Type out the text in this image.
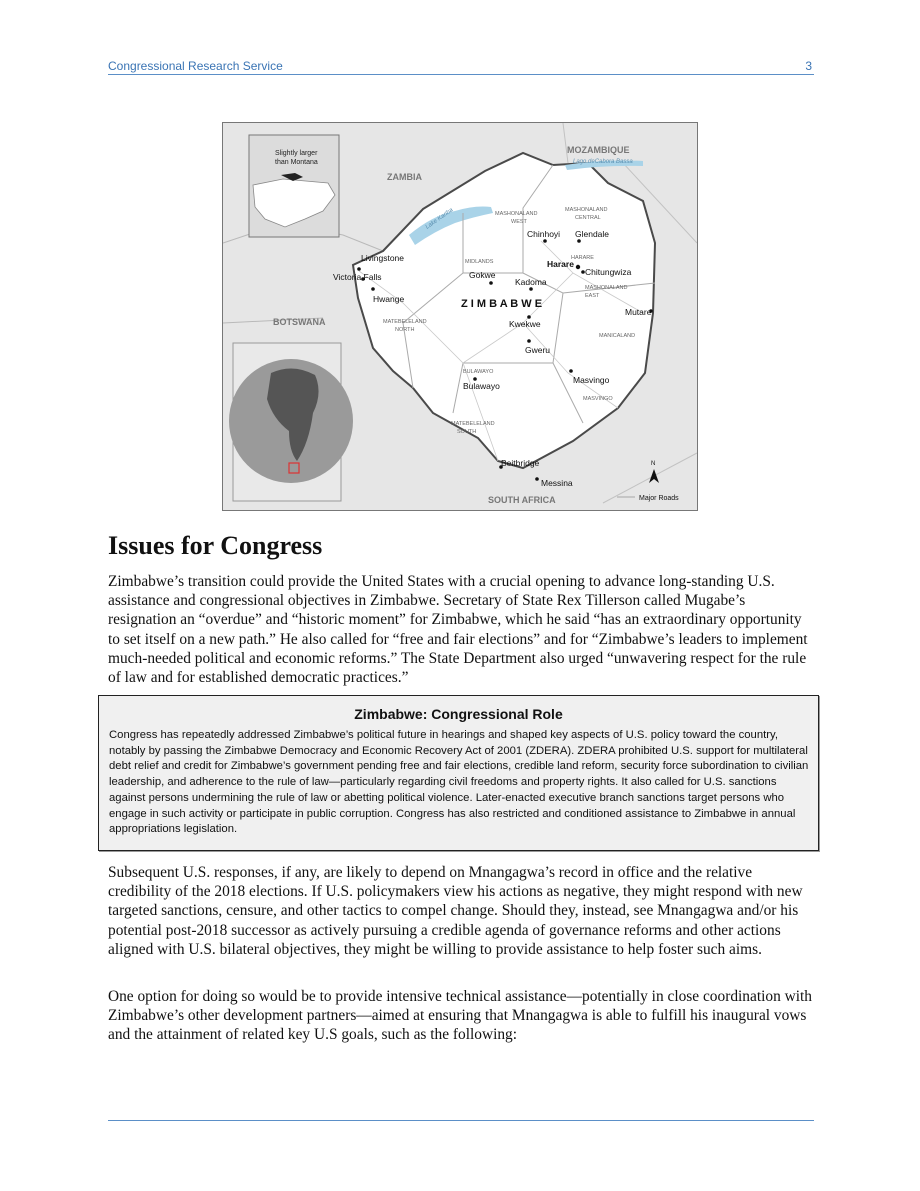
Congressional Research Service	3
Slightly larger
than Montana
ZAMBIA
MOZAMBIQUE
BOTSWANA
SOUTH AFRICA
Z I M B A B W E
Lake Kariba
Lago deCabora Bassa
MASHONALAND
WEST
MASHONALAND
CENTRAL
HARARE
MASHONALAND
EAST
MIDLANDS
MATEBELELAND
NORTH
MANICALAND
BULAWAYO
MASVINGO
MATEBELELAND
SOUTH
Chinhoyi Glendale
Harare
Chitungwiza
Livingstone
Victoria Falls
Hwange
Gokwe
Kadoma
Kwekwe
Gweru
Mutare
Masvingo
Bulawayo
Beitbridge
Messina
N
Major Roads
Issues for Congress

Zimbabwe’s transition could provide the United States with a crucial opening to advance long-standing U.S. assistance and congressional objectives in Zimbabwe. Secretary of State Rex Tillerson called Mugabe’s resignation an “overdue” and “historic moment” for Zimbabwe, which he said “has an extraordinary opportunity to set itself on a new path.” He also called for “free and fair elections” and for “Zimbabwe’s leaders to implement much-needed political and economic reforms.” The State Department also urged “unwavering respect for the rule of law and for established democratic practices.”

Zimbabwe: Congressional Role

Congress has repeatedly addressed Zimbabwe’s political future in hearings and shaped key aspects of U.S. policy toward the country, notably by passing the Zimbabwe Democracy and Economic Recovery Act of 2001 (ZDERA). ZDERA prohibited U.S. support for multilateral debt relief and credit for Zimbabwe’s government pending free and fair elections, credible land reform, security force subordination to civilian leadership, and adherence to the rule of law—particularly regarding civil freedoms and property rights. It also called for U.S. sanctions against persons undermining the rule of law or abetting political violence. Later-enacted executive branch sanctions target persons who engage in such activity or participate in public corruption. Congress has also restricted and conditioned assistance to Zimbabwe in annual appropriations legislation.

Subsequent U.S. responses, if any, are likely to depend on Mnangagwa’s record in office and the relative credibility of the 2018 elections. If U.S. policymakers view his actions as negative, they might respond with new targeted sanctions, censure, and other tactics to compel change. Should they, instead, see Mnangagwa and/or his potential post-2018 successor as actively pursuing a credible agenda of governance reforms and other actions aligned with U.S. bilateral objectives, they might be willing to provide assistance to help foster such aims.

One option for doing so would be to provide intensive technical assistance—potentially in close coordination with Zimbabwe’s other development partners—aimed at ensuring that Mnangagwa is able to fulfill his inaugural vows and the attainment of related key U.S goals, such as the following:
